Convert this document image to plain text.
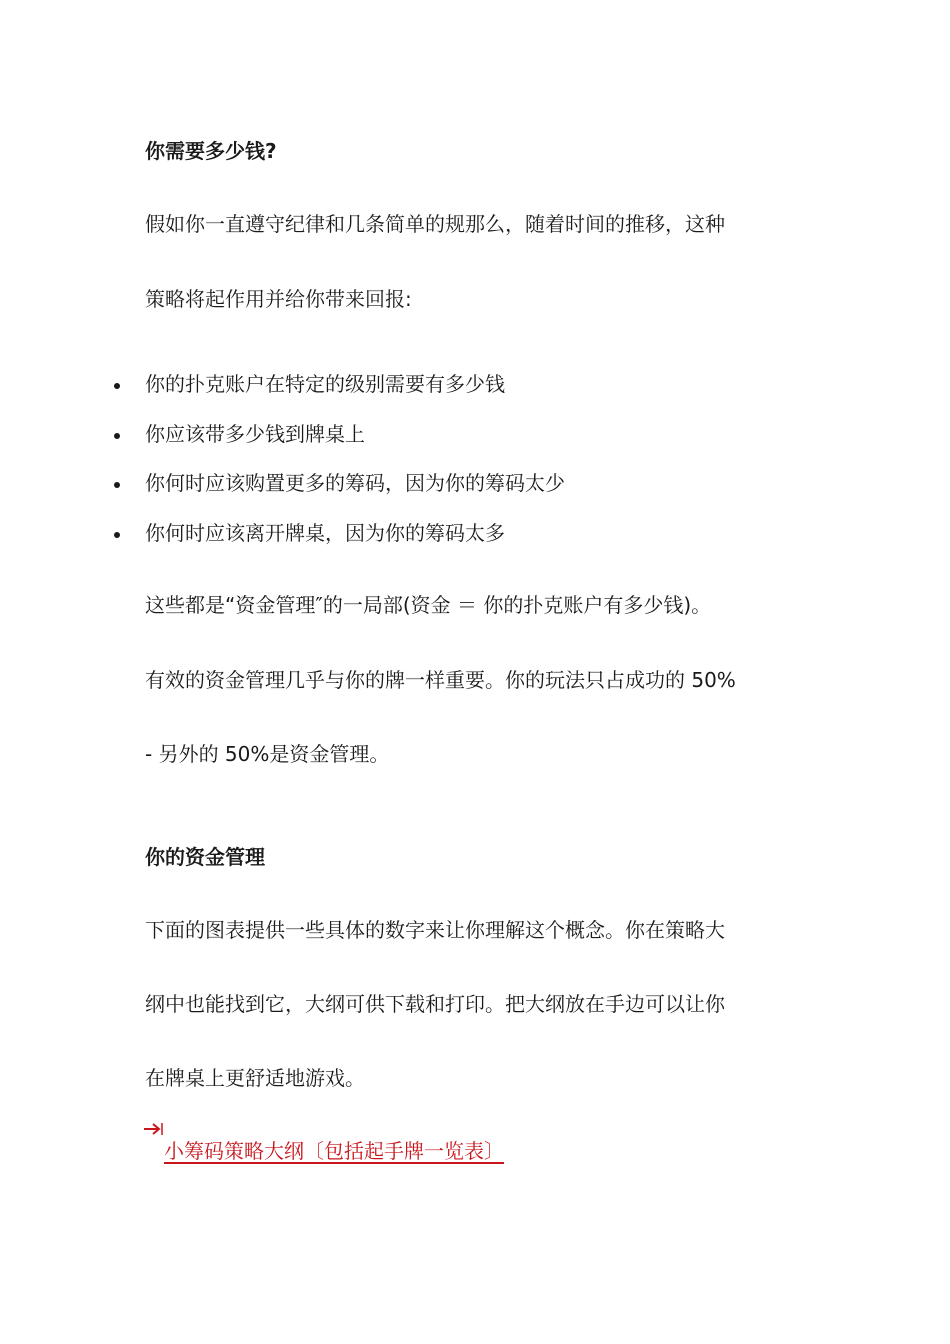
你需要多少钱?
假如你一直遵守纪律和几条简单的规那么，随着时间的推移，这种
策略将起作用并给你带来回报:
你的扑克账户在特定的级别需要有多少钱
你应该带多少钱到牌桌上
你何时应该购置更多的筹码，因为你的筹码太少
你何时应该离开牌桌，因为你的筹码太多
这些都是“资金管理″的一局部(资金 ＝ 你的扑克账户有多少钱)。
有效的资金管理几乎与你的牌一样重要。你的玩法只占成功的 50%
- 另外的 50%是资金管理。
你的资金管理
下面的图表提供一些具体的数字来让你理解这个概念。你在策略大
纲中也能找到它，大纲可供下载和打印。把大纲放在手边可以让你
在牌桌上更舒适地游戏。
小筹码策略大纲〔包括起手牌一览表〕
